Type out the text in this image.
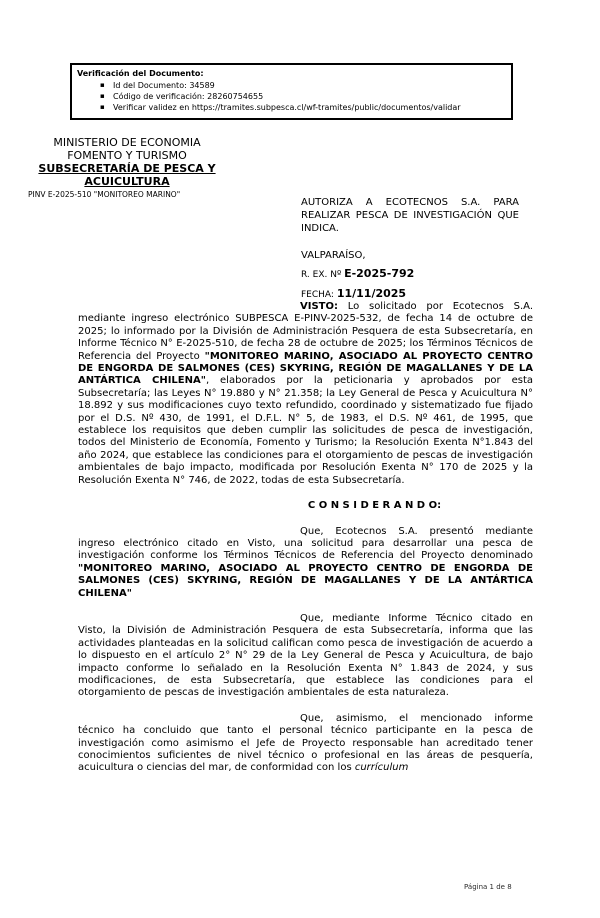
Verificación del Documento:
▪ Id del Documento: 34589
▪ Código de verificación: 28260754655
▪ Verificar validez en https://tramites.subpesca.cl/wf-tramites/public/documentos/validar
MINISTERIO DE ECONOMIA
FOMENTO Y TURISMO
SUBSECRETARÍA DE PESCA Y ACUICULTURA
PINV E-2025-510 "MONITOREO MARINO"
AUTORIZA A ECOTECNOS S.A. PARA REALIZAR PESCA DE INVESTIGACIÓN QUE INDICA.
VALPARAÍSO,
R. EX. Nº E-2025-792
FECHA: 11/11/2025

VISTO: Lo solicitado por Ecotecnos S.A. mediante ingreso electrónico SUBPESCA E-PINV-2025-532, de fecha 14 de octubre de 2025; lo informado por la División de Administración Pesquera de esta Subsecretaría, en Informe Técnico N° E-2025-510, de fecha 28 de octubre de 2025; los Términos Técnicos de Referencia del Proyecto "MONITOREO MARINO, ASOCIADO AL PROYECTO CENTRO DE ENGORDA DE SALMONES (CES) SKYRING, REGIÓN DE MAGALLANES Y DE LA ANTÁRTICA CHILENA", elaborados por la peticionaria y aprobados por esta Subsecretaría; las Leyes N° 19.880 y N° 21.358; la Ley General de Pesca y Acuicultura N° 18.892 y sus modificaciones cuyo texto refundido, coordinado y sistematizado fue fijado por el D.S. Nº 430, de 1991, el D.F.L. N° 5, de 1983, el D.S. Nº 461, de 1995, que establece los requisitos que deben cumplir las solicitudes de pesca de investigación, todos del Ministerio de Economía, Fomento y Turismo; la Resolución Exenta N°1.843 del año 2024, que establece las condiciones para el otorgamiento de pescas de investigación ambientales de bajo impacto, modificada por Resolución Exenta N° 170 de 2025 y la Resolución Exenta N° 746, de 2022, todas de esta Subsecretaría.

C O N S I D E R A N D O:

Que, Ecotecnos S.A. presentó mediante ingreso electrónico citado en Visto, una solicitud para desarrollar una pesca de investigación conforme los Términos Técnicos de Referencia del Proyecto denominado "MONITOREO MARINO, ASOCIADO AL PROYECTO CENTRO DE ENGORDA DE SALMONES (CES) SKYRING, REGIÓN DE MAGALLANES Y DE LA ANTÁRTICA CHILENA"

Que, mediante Informe Técnico citado en Visto, la División de Administración Pesquera de esta Subsecretaría, informa que las actividades planteadas en la solicitud califican como pesca de investigación de acuerdo a lo dispuesto en el artículo 2° N° 29 de la Ley General de Pesca y Acuicultura, de bajo impacto conforme lo señalado en la Resolución Exenta N° 1.843 de 2024, y sus modificaciones, de esta Subsecretaría, que establece las condiciones para el otorgamiento de pescas de investigación ambientales de esta naturaleza.

Que, asimismo, el mencionado informe técnico ha concluido que tanto el personal técnico participante en la pesca de investigación como asimismo el Jefe de Proyecto responsable han acreditado tener conocimientos suficientes de nivel técnico o profesional en las áreas de pesquería, acuicultura o ciencias del mar, de conformidad con los currículum

Página 1 de 8
